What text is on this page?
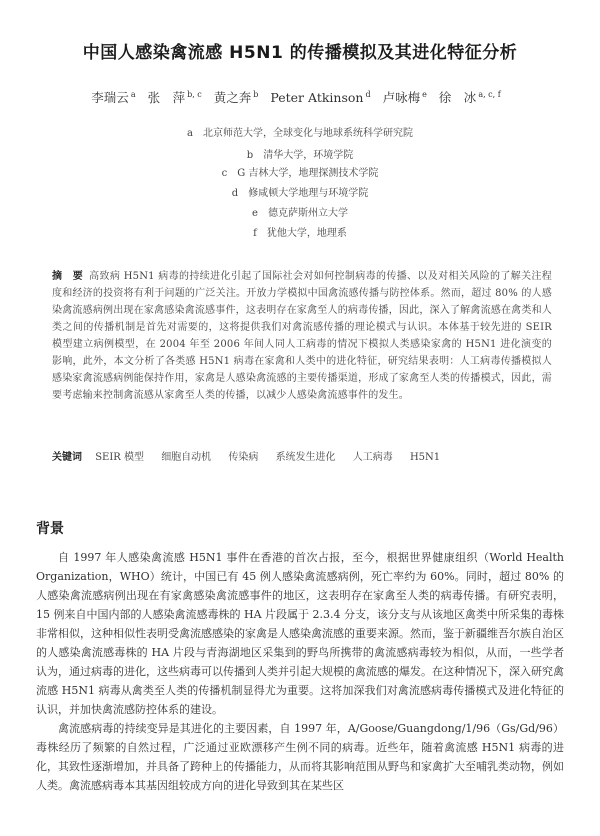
中国人感染禽流感 H5N1 的传播模拟及其进化特征分析
李瑞云 $^a$ 张　萍 $^{b, c}$ 黄之奔 $^b$ Peter Atkinson $^d$ 卢咏梅 $^e$ 徐　冰 $^{a, c, f}$
a 北京师范大学，全球变化与地球系统科学研究院
b 清华大学，环境学院
c G 吉林大学，地理探测技术学院
d 修咸顿大学地理与环境学院
e 德克萨斯州立大学
f 犹他大学，地理系
摘　要 高致病 H5N1 病毒的持续进化引起了国际社会对如何控制病毒的传播、以及对相关风险的了解关注程度和经济的投资将有利于问题的广泛关注。开放力学模拟中国禽流感传播与防控体系。然而，超过 80% 的人感染禽流感病例出现在家禽感染禽流感事件，这表明存在家禽至人的病毒传播，因此，深入了解禽流感在禽类和人类之间的传播机制是首先对需要的，这将提供我们对禽流感传播的理论模式与认识。本体基于较先进的 SEIR 模型建立病例模型，在 2004 年至 2006 年间人同人工病毒的情况下模拟人类感染家禽的 H5N1 进化演变的影响，此外，本文分析了各类感 H5N1 病毒在家禽和人类中的进化特征，研究结果表明：人工病毒传播模拟人感染家禽流感病例能保持作用，家禽是人感染禽流感的主要传播渠道，形成了家禽至人类的传播模式，因此，需要考虑输来控制禽流感从家禽至人类的传播，以减少人感染禽流感事件的发生。
关键词 SEIR 模型 细胞自动机 传染病 系统发生进化 人工病毒 H5N1
背景

自 1997 年人感染禽流感 H5N1 事件在香港的首次占报，至今，根据世界健康组织（World Health Organization，WHO）统计，中国已有 45 例人感染禽流感病例，死亡率约为 60%。同时，超过 80% 的人感染禽流感病例出现在有家禽感染禽流感事件的地区，这表明存在家禽至人类的病毒传播。有研究表明，15 例来自中国内部的人感染禽流感毒株的 HA 片段属于 2.3.4 分支，该分支与从该地区禽类中所采集的毒株非常相似，这种相似性表明受禽流感感染的家禽是人感染禽流感的重要来源。然而，鉴于新疆维吾尔族自治区的人感染禽流感毒株的 HA 片段与青海湖地区采集到的野鸟所携带的禽流感病毒较为相似，从而，一些学者认为，通过病毒的进化，这些病毒可以传播到人类并引起大规模的禽流感的爆发。在这种情况下，深入研究禽流感 H5N1 病毒从禽类至人类的传播机制显得尤为重要。这将加深我们对禽流感病毒传播模式及进化特征的认识，并加快禽流感防控体系的建设。

禽流感病毒的持续变异是其进化的主要因素，自 1997 年，A/Goose/Guangdong/1/96（Gs/Gd/96）毒株经历了频繁的自然过程，广泛通过亚欧漂移产生例不同的病毒。近些年，随着禽流感 H5N1 病毒的进化，其致性逐渐增加，并具备了跨种上的传播能力，从而将其影响范围从野鸟和家禽扩大至哺乳类动物，例如人类。禽流感病毒本其基因组较成方向的进化导致到其在某些区
